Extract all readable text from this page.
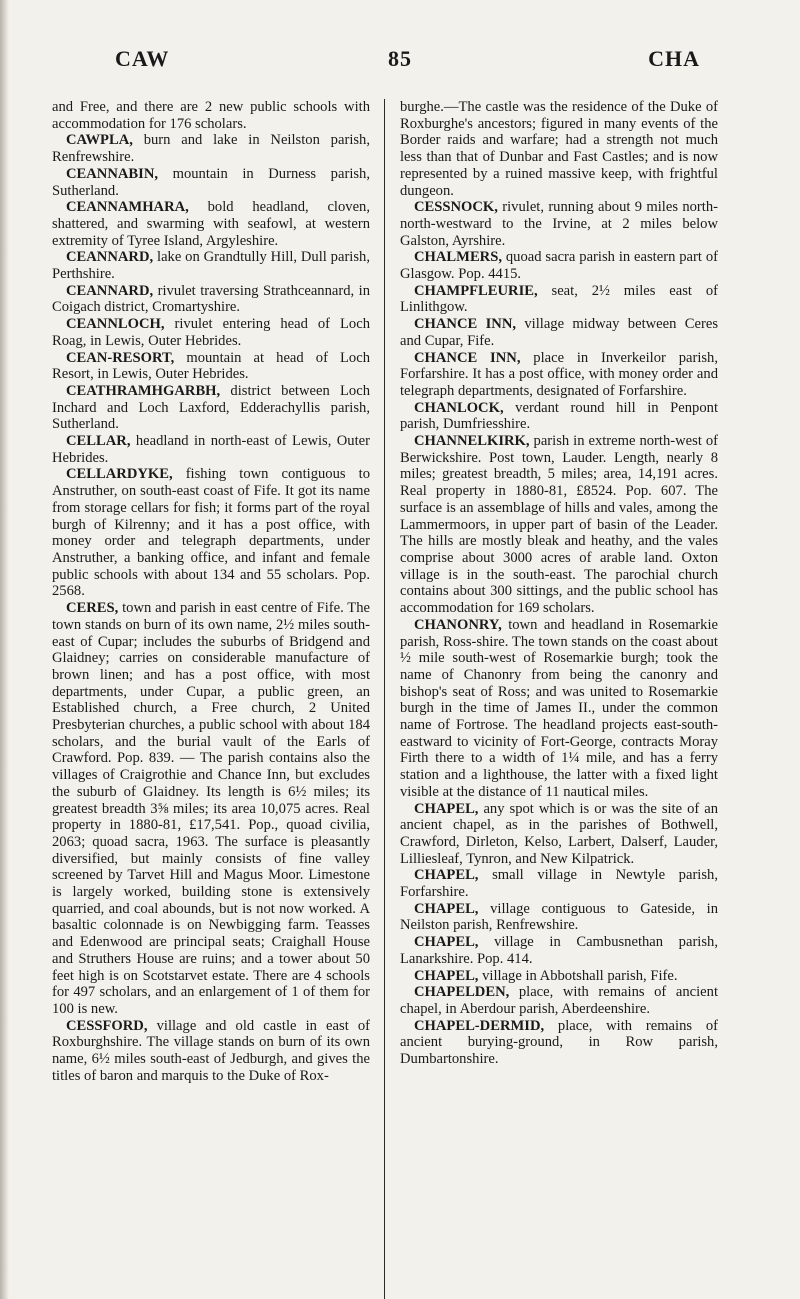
CAW	85	CHA

and Free, and there are 2 new public schools with accommodation for 176 scholars.

CAWPLA, burn and lake in Neilston parish, Renfrewshire.

CEANNABIN, mountain in Durness parish, Sutherland.

CEANNAMHARA, bold headland, cloven, shattered, and swarming with seafowl, at western extremity of Tyree Island, Argyleshire.

CEANNARD, lake on Grandtully Hill, Dull parish, Perthshire.

CEANNARD, rivulet traversing Strathceannard, in Coigach district, Cromartyshire.

CEANNLOCH, rivulet entering head of Loch Roag, in Lewis, Outer Hebrides.

CEAN-RESORT, mountain at head of Loch Resort, in Lewis, Outer Hebrides.

CEATHRAMHGARBH, district between Loch Inchard and Loch Laxford, Edderachyllis parish, Sutherland.

CELLAR, headland in north-east of Lewis, Outer Hebrides.

CELLARDYKE, fishing town contiguous to Anstruther, on south-east coast of Fife. It got its name from storage cellars for fish; it forms part of the royal burgh of Kilrenny; and it has a post office, with money order and telegraph departments, under Anstruther, a banking office, and infant and female public schools with about 134 and 55 scholars. Pop. 2568.

CERES, town and parish in east centre of Fife. The town stands on burn of its own name, 2½ miles south-east of Cupar; includes the suburbs of Bridgend and Glaidney; carries on considerable manufacture of brown linen; and has a post office, with most departments, under Cupar, a public green, an Established church, a Free church, 2 United Presbyterian churches, a public school with about 184 scholars, and the burial vault of the Earls of Crawford. Pop. 839. — The parish contains also the villages of Craigrothie and Chance Inn, but excludes the suburb of Glaidney. Its length is 6½ miles; its greatest breadth 3⅝ miles; its area 10,075 acres. Real property in 1880-81, £17,541. Pop., quoad civilia, 2063; quoad sacra, 1963. The surface is pleasantly diversified, but mainly consists of fine valley screened by Tarvet Hill and Magus Moor. Limestone is largely worked, building stone is extensively quarried, and coal abounds, but is not now worked. A basaltic colonnade is on Newbigging farm. Teasses and Edenwood are principal seats; Craighall House and Struthers House are ruins; and a tower about 50 feet high is on Scotstarvet estate. There are 4 schools for 497 scholars, and an enlargement of 1 of them for 100 is new.

CESSFORD, village and old castle in east of Roxburghshire. The village stands on burn of its own name, 6½ miles south-east of Jedburgh, and gives the titles of baron and marquis to the Duke of Rox-

burghe.—The castle was the residence of the Duke of Roxburghe's ancestors; figured in many events of the Border raids and warfare; had a strength not much less than that of Dunbar and Fast Castles; and is now represented by a ruined massive keep, with frightful dungeon.

CESSNOCK, rivulet, running about 9 miles north-north-westward to the Irvine, at 2 miles below Galston, Ayrshire.

CHALMERS, quoad sacra parish in eastern part of Glasgow. Pop. 4415.

CHAMPFLEURIE, seat, 2½ miles east of Linlithgow.

CHANCE INN, village midway between Ceres and Cupar, Fife.

CHANCE INN, place in Inverkeilor parish, Forfarshire. It has a post office, with money order and telegraph departments, designated of Forfarshire.

CHANLOCK, verdant round hill in Penpont parish, Dumfriesshire.

CHANNELKIRK, parish in extreme north-west of Berwickshire. Post town, Lauder. Length, nearly 8 miles; greatest breadth, 5 miles; area, 14,191 acres. Real property in 1880-81, £8524. Pop. 607. The surface is an assemblage of hills and vales, among the Lammermoors, in upper part of basin of the Leader. The hills are mostly bleak and heathy, and the vales comprise about 3000 acres of arable land. Oxton village is in the south-east. The parochial church contains about 300 sittings, and the public school has accommodation for 169 scholars.

CHANONRY, town and headland in Rosemarkie parish, Ross-shire. The town stands on the coast about ½ mile south-west of Rosemarkie burgh; took the name of Chanonry from being the canonry and bishop's seat of Ross; and was united to Rosemarkie burgh in the time of James II., under the common name of Fortrose. The headland projects east-south-eastward to vicinity of Fort-George, contracts Moray Firth there to a width of 1¼ mile, and has a ferry station and a lighthouse, the latter with a fixed light visible at the distance of 11 nautical miles.

CHAPEL, any spot which is or was the site of an ancient chapel, as in the parishes of Bothwell, Crawford, Dirleton, Kelso, Larbert, Dalserf, Lauder, Lilliesleaf, Tynron, and New Kilpatrick.

CHAPEL, small village in Newtyle parish, Forfarshire.

CHAPEL, village contiguous to Gateside, in Neilston parish, Renfrewshire.

CHAPEL, village in Cambusnethan parish, Lanarkshire. Pop. 414.

CHAPEL, village in Abbotshall parish, Fife.

CHAPELDEN, place, with remains of ancient chapel, in Aberdour parish, Aberdeenshire.

CHAPEL-DERMID, place, with remains of ancient burying-ground, in Row parish, Dumbartonshire.
